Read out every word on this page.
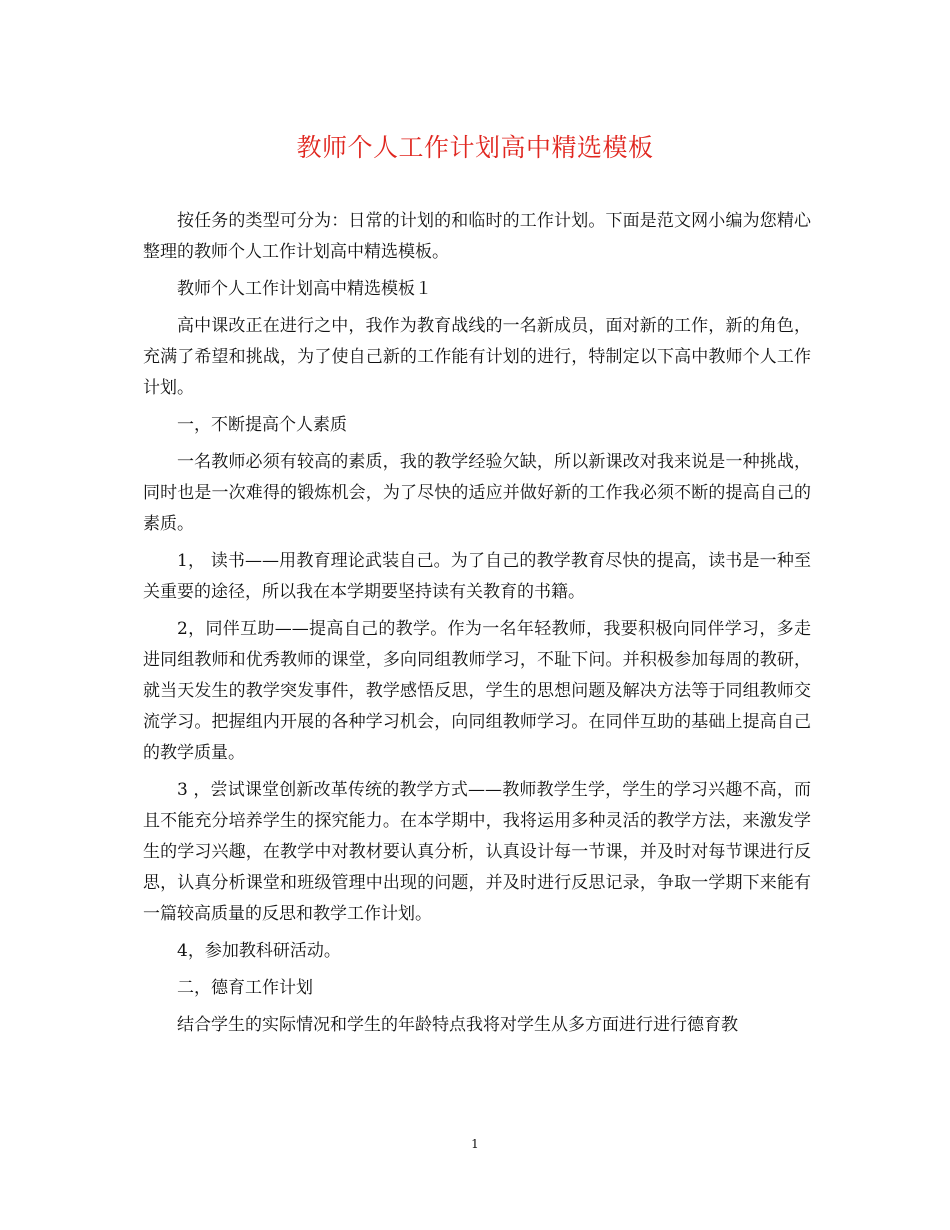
教师个人工作计划高中精选模板

按任务的类型可分为：日常的计划的和临时的工作计划。下面是范文网小编为您精心整理的教师个人工作计划高中精选模板。

教师个人工作计划高中精选模板１

高中课改正在进行之中，我作为教育战线的一名新成员，面对新的工作，新的角色，充满了希望和挑战，为了使自己新的工作能有计划的进行，特制定以下高中教师个人工作计划。

一，不断提高个人素质

一名教师必须有较高的素质，我的教学经验欠缺，所以新课改对我来说是一种挑战，同时也是一次难得的锻炼机会，为了尽快的适应并做好新的工作我必须不断的提高自己的素质。

1， 读书——用教育理论武装自己。为了自己的教学教育尽快的提高，读书是一种至关重要的途径，所以我在本学期要坚持读有关教育的书籍。

2，同伴互助——提高自己的教学。作为一名年轻教师，我要积极向同伴学习，多走进同组教师和优秀教师的课堂，多向同组教师学习，不耻下问。并积极参加每周的教研，就当天发生的教学突发事件，教学感悟反思，学生的思想问题及解决方法等于同组教师交流学习。把握组内开展的各种学习机会，向同组教师学习。在同伴互助的基础上提高自己的教学质量。

3 ，尝试课堂创新改革传统的教学方式——教师教学生学，学生的学习兴趣不高，而且不能充分培养学生的探究能力。在本学期中，我将运用多种灵活的教学方法，来激发学生的学习兴趣，在教学中对教材要认真分析，认真设计每一节课，并及时对每节课进行反思，认真分析课堂和班级管理中出现的问题，并及时进行反思记录，争取一学期下来能有一篇较高质量的反思和教学工作计划。

4，参加教科研活动。

二，德育工作计划

结合学生的实际情况和学生的年龄特点我将对学生从多方面进行进行德育教

1
